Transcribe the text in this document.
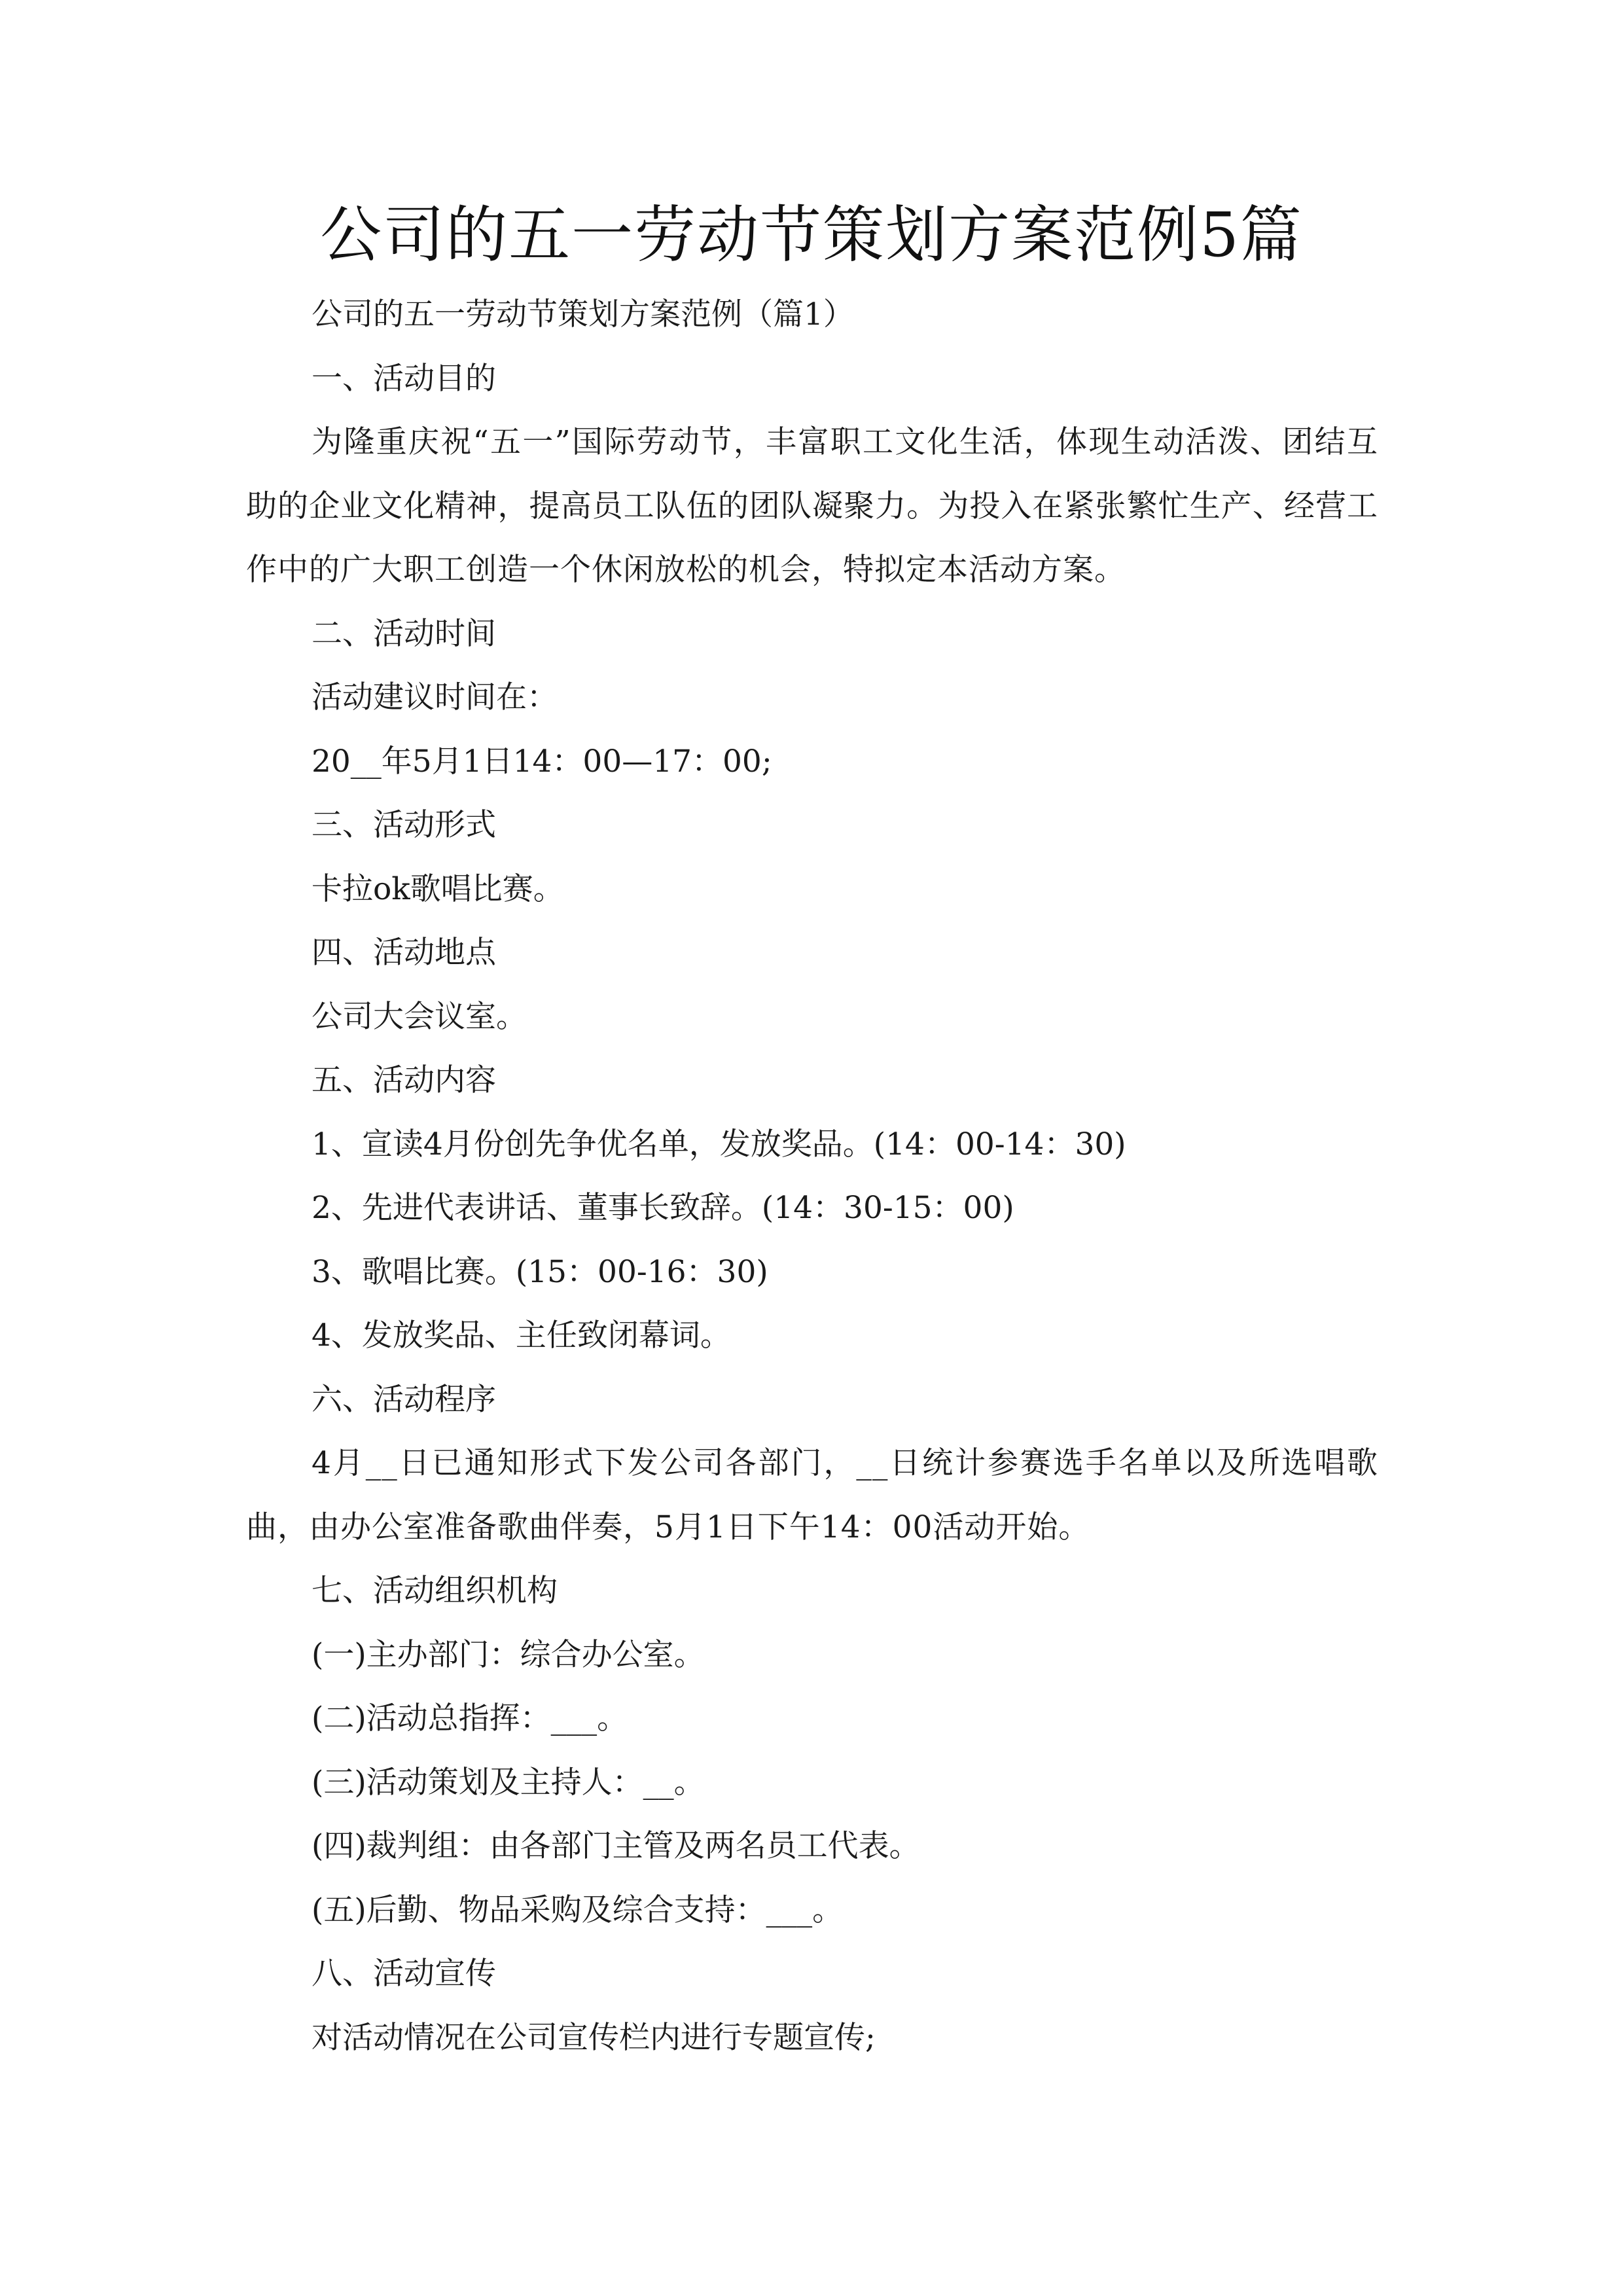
公司的五一劳动节策划方案范例5篇
公司的五一劳动节策划方案范例（篇1）
一、活动目的
为隆重庆祝“五一”国际劳动节，丰富职工文化生活，体现生动活泼、团结互助的企业文化精神，提高员工队伍的团队凝聚力。为投入在紧张繁忙生产、经营工作中的广大职工创造一个休闲放松的机会，特拟定本活动方案。
二、活动时间
活动建议时间在：
20__年5月1日14：00—17：00;
三、活动形式
卡拉ok歌唱比赛。
四、活动地点
公司大会议室。
五、活动内容
1、宣读4月份创先争优名单，发放奖品。(14：00-14：30)
2、先进代表讲话、董事长致辞。(14：30-15：00)
3、歌唱比赛。(15：00-16：30)
4、发放奖品、主任致闭幕词。
六、活动程序
4月__日已通知形式下发公司各部门，__日统计参赛选手名单以及所选唱歌曲，由办公室准备歌曲伴奏，5月1日下午14：00活动开始。
七、活动组织机构
(一)主办部门：综合办公室。
(二)活动总指挥：___。
(三)活动策划及主持人：__。
(四)裁判组：由各部门主管及两名员工代表。
(五)后勤、物品采购及综合支持：___。
八、活动宣传
对活动情况在公司宣传栏内进行专题宣传;
